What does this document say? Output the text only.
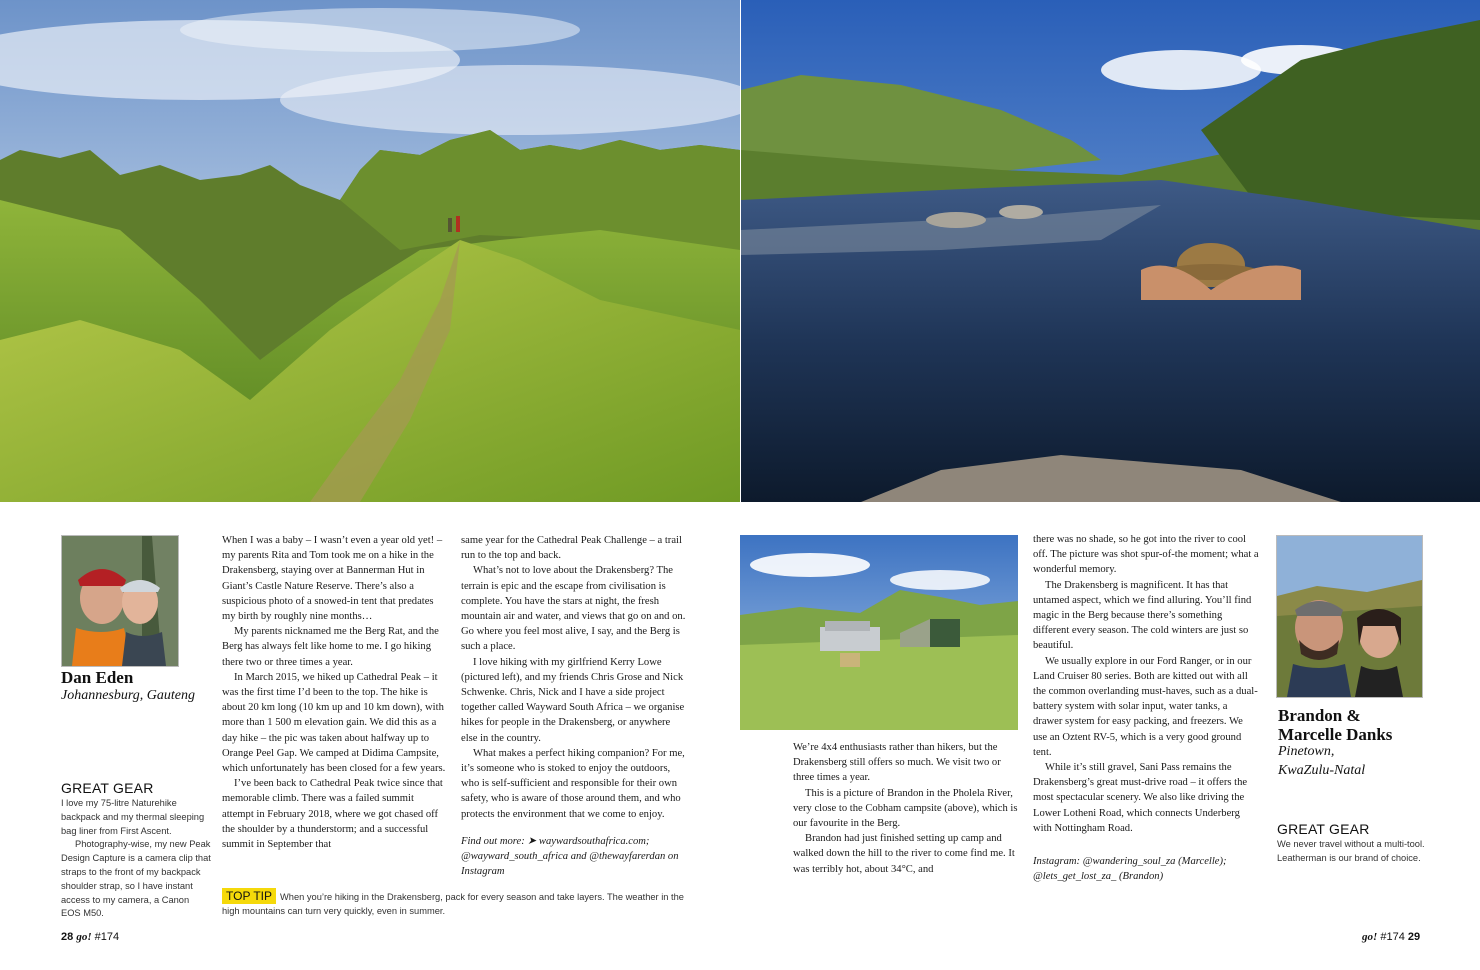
Dan Eden
Johannesburg, Gauteng
GREAT GEAR

I love my 75-litre Naturehike backpack and my thermal sleeping bag liner from First Ascent.

Photography-wise, my new Peak Design Capture is a camera clip that straps to the front of my backpack shoulder strap, so I have instant access to my camera, a Canon EOS M50.

When I was a baby – I wasn’t even a year old yet! – my parents Rita and Tom took me on a hike in the Drakensberg, staying over at Bannerman Hut in Giant’s Castle Nature Reserve. There’s also a suspicious photo of a snowed-in tent that predates my birth by roughly nine months…

My parents nicknamed me the Berg Rat, and the Berg has always felt like home to me. I go hiking there two or three times a year.

In March 2015, we hiked up Cathedral Peak – it was the first time I’d been to the top. The hike is about 20 km long (10 km up and 10 km down), with more than 1 500 m elevation gain. We did this as a day hike – the pic was taken about halfway up to Orange Peel Gap. We camped at Didima Campsite, which unfortunately has been closed for a few years.

I’ve been back to Cathedral Peak twice since that memorable climb. There was a failed summit attempt in February 2018, where we got chased off the shoulder by a thunderstorm; and a successful summit in September that

same year for the Cathedral Peak Challenge – a trail run to the top and back.

What’s not to love about the Drakensberg? The terrain is epic and the escape from civilisation is complete. You have the stars at night, the fresh mountain air and water, and views that go on and on. Go where you feel most alive, I say, and the Berg is such a place.

I love hiking with my girlfriend Kerry Lowe (pictured left), and my friends Chris Grose and Nick Schwenke. Chris, Nick and I have a side project together called Wayward South Africa – we organise hikes for people in the Drakensberg, or anywhere else in the country.

What makes a perfect hiking companion? For me, it’s someone who is stoked to enjoy the outdoors, who is self-sufficient and responsible for their own safety, who is aware of those around them, and who protects the environment that we come to enjoy.

Find out more: ➤ waywardsouthafrica.com; @wayward_south_africa and @thewayfarerdan on Instagram

TOP TIP When you’re hiking in the Drakensberg, pack for every season and take layers. The weather in the high mountains can turn very quickly, even in summer.
28 go! #174

We’re 4x4 enthusiasts rather than hikers, but the Drakensberg still offers so much. We visit two or three times a year.

This is a picture of Brandon in the Pholela River, very close to the Cobham campsite (above), which is our favourite in the Berg.

Brandon had just finished setting up camp and walked down the hill to the river to come find me. It was terribly hot, about 34°C, and

there was no shade, so he got into the river to cool off. The picture was shot spur-of-the moment; what a wonderful memory.

The Drakensberg is magnificent. It has that untamed aspect, which we find alluring. You’ll find magic in the Berg because there’s something different every season. The cold winters are just so beautiful.

We usually explore in our Ford Ranger, or in our Land Cruiser 80 series. Both are kitted out with all the common overlanding must-haves, such as a dual-battery system with solar input, water tanks, a drawer system for easy packing, and freezers. We use an Oztent RV-5, which is a very good ground tent.

While it’s still gravel, Sani Pass remains the Drakensberg’s great must-drive road – it offers the most spectacular scenery. We also like driving the Lower Lotheni Road, which connects Underberg with Nottingham Road.

Instagram: @wandering_soul_za (Marcelle); @lets_get_lost_za_ (Brandon)

Brandon &
Marcelle Danks
Pinetown,
KwaZulu-Natal
GREAT GEAR
We never travel without a multi-tool. Leatherman is our brand of choice.
go! #174 29
